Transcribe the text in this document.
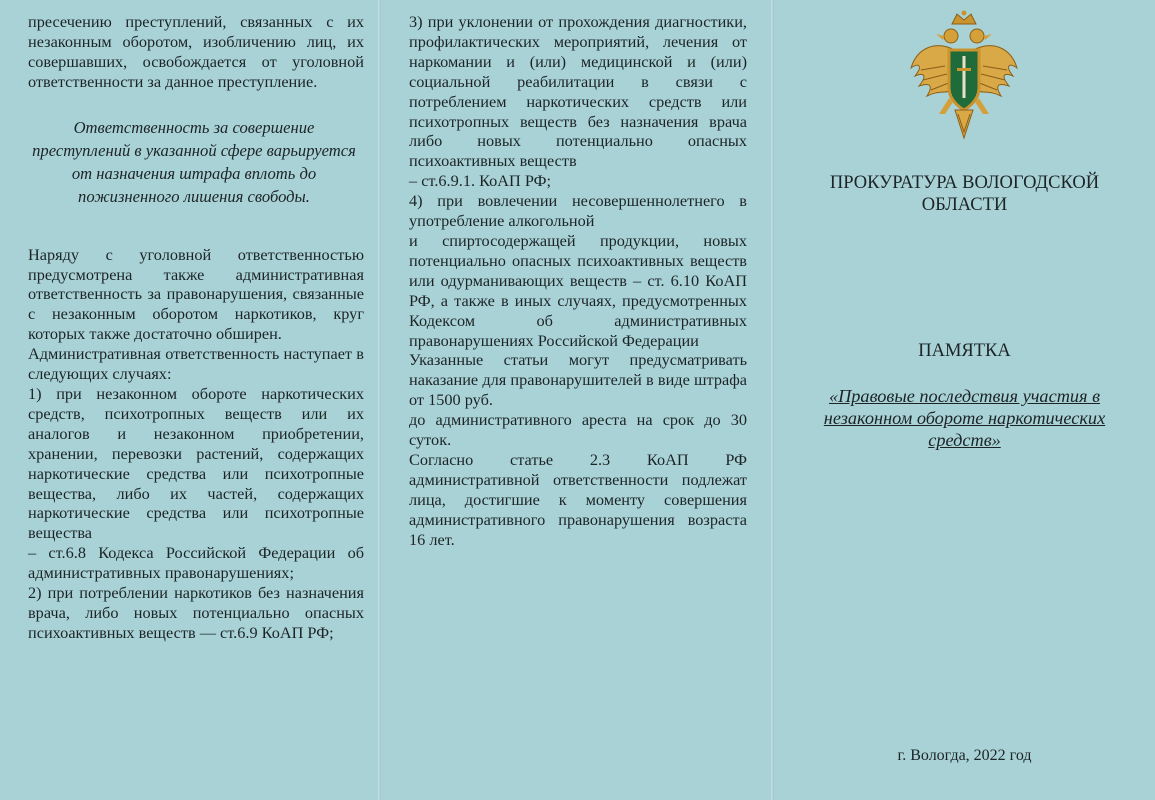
пресечению преступлений, связанных с их незаконным оборотом, изобличению лиц, их совершавших, освобождается от уголовной ответственности за данное преступление.

Ответственность за совершение преступлений в указанной сфере варьируется от назначения штрафа вплоть до пожизненного лишения свободы.

Наряду с уголовной ответственностью предусмотрена также административная ответственность за правонарушения, связанные с незаконным оборотом наркотиков, круг которых также достаточно обширен.

Административная ответственность наступает в следующих случаях:

1) при незаконном обороте наркотических средств, психотропных веществ или их аналогов и незаконном приобретении, хранении, перевозки растений, содержащих наркотические средства или психотропные вещества, либо их частей, содержащих наркотические средства или психотропные вещества

– ст.6.8 Кодекса Российской Федерации об административных правонарушениях;

2) при потреблении наркотиков без назначения врача, либо новых потенциально опасных психоактивных веществ — ст.6.9 КоАП РФ;

3) при уклонении от прохождения диагностики, профилактических мероприятий, лечения от наркомании и (или) медицинской и (или) социальной реабилитации в связи с потреблением наркотических средств или психотропных веществ без назначения врача либо новых потенциально опасных психоактивных веществ

– ст.6.9.1. КоАП РФ;

4) при вовлечении несовершеннолетнего в употребление алкогольной

и спиртосодержащей продукции, новых потенциально опасных психоактивных веществ или одурманивающих веществ – ст. 6.10 КоАП РФ, а также в иных случаях, предусмотренных Кодексом об административных правонарушениях Российской Федерации

Указанные статьи могут предусматривать наказание для правонарушителей в виде штрафа от 1500 руб.

до административного ареста на срок до 30 суток.

Согласно статье 2.3 КоАП РФ административной ответственности подлежат лица, достигшие к моменту совершения административного правонарушения возраста 16 лет.

ПРОКУРАТУРА ВОЛОГОДСКОЙ ОБЛАСТИ
ПАМЯТКА
«Правовые последствия участия в незаконном обороте наркотических средств»
г. Вологда, 2022 год
